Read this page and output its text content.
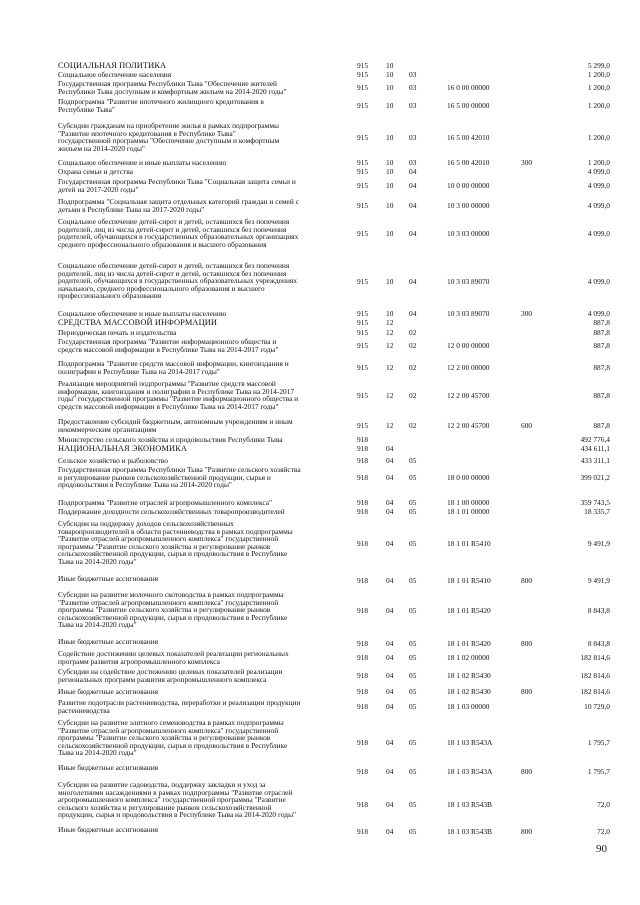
СОЦИАЛЬНАЯ ПОЛИТИКА	915 10	5 299,0
Социальное обеспечение населения	915 10 03	1 200,0
Государственная программа Республики Тыва "Обеспечение жителей
Республики Тыва доступным и комфортным жильем на 2014-2020 годы"	915 10 03	16 0 00 00000	1 200,0
Подпрограмма "Развитие ипотечного жилищного кредитования в
Республике Тыва"	915 10 03	16 5 00 00000	1 200,0
Субсидии гражданам на приобретение жилья в рамках подпрограммы
"Развитие ипотечного кредитования в Республике Тыва"
государственной программы "Обеспечение доступным и комфортным
жильем на 2014-2020 годы"
915 10 03	16 5 00 42010	1 200,0
Социальное обеспечение и иные выплаты населению	915 10 03	16 5 00 42010	300	1 200,0
Охрана семьи и детства	915 10 04	4 099,0
Государственная программа Республики Тыва "Социальная защита семьи и
детей на 2017-2020 годы"	915 10 04	10 0 00 00000	4 099,0
Подпрограмма "Социальная защита отдельных категорий граждан и семей с
детьми в Республике Тыва на 2017-2020 годы"	915 10 04	10 3 00 00000	4 099,0
Социальное обеспечение детей-сирот и детей, оставшихся без попечения
родителей, лиц из числа детей-сирот и детей, оставшихся без попечения
родителей, обучающихся в государственных образовательных организациях
среднего профессионального образования и высшего образования
915 10 04	10 3 03 00000	4 099,0
Социальное обеспечение детей-сирот и детей, оставшихся без попечения
родителей, лиц из числа детей-сирот и детей, оставшихся без попечения
родителей, обучающихся в государственных образовательных учреждениях
начального, среднего профессионального образования и высшего
профессионального образования
915 10 04	10 3 03 89070	4 099,0
Социальное обеспечение и иные выплаты населению	915 10 04	10 3 03 89070	300	4 099,0
СРЕДСТВА МАССОВОЙ ИНФОРМАЦИИ	915 12	887,8
Периодическая печать и издательства	915 12 02	887,8
Государственная программа "Развитие информационного общества и
средств массовой информации в Республике Тыва на 2014-2017 годы"	915 12 02	12 0 00 00000	887,8
Подпрограмма "Развитие средств массовой информации, книгоиздания и
полиграфии в Республике Тыва на 2014-2017 годы"	915 12 02	12 2 00 00000	887,8
Реализация мероприятий подпрограммы "Развитие средств массовой
информации, книгоиздания и полиграфии в Республике Тыва на 2014-2017
годы" государственной программы "Развитие информационного общества и
средств массовой информации в Республике Тыва на 2014-2017 годы"
915 12 02	12 2 00 45700	887,8
Предоставление субсидий бюджетным, автономным учреждениям и иным
некоммерческим организациям	915 12 02	12 2 00 45700	600	887,8
Министерство сельского хозяйства и продовольствия Республики Тыва	918	492 776,4
НАЦИОНАЛЬНАЯ ЭКОНОМИКА	918 04	434 611,1
Сельское хозяйство и рыболовство	918 04 05	433 311,1
Государственная программа Республики Тыва "Развитие сельского хозяйства
и регулирование рынков сельскохозяйственной продукции, сырья и
продовольствия в Республике Тыва на 2014-2020 годы"
918 04 05	18 0 00 00000	399 021,2
Подпрограмма "Развитие отраслей агропромышленного комплекса"	918 04 05	18 1 00 00000	359 743,5
Поддержание доходности сельскохозяйственных товаропроизводителей	918 04 05	18 1 01 00000	18 335,7
Субсидии на поддержку доходов сельскохозяйственных
товаропроизводителей в области растениеводства в рамках подпрограммы
"Развитие отраслей агропромышленного комплекса" государственной
программы "Развитие сельского хозяйства и регулирование рынков
сельскохозяйственной продукции, сырья и продовольствия в Республике
Тыва на 2014-2020 годы"
918 04 05	18 1 01 R5410	9 491,9
Иные бюджетные ассигнования	918 04 05	18 1 01 R5410	800	9 491,9
Субсидии на развитие молочного скотоводства в рамках подпрограммы
"Развитие отраслей агропромышленного комплекса" государственной
программы "Развитие сельского хозяйства и регулирование рынков
сельскохозяйственной продукции, сырья и продовольствия в Республике
Тыва на 2014-2020 годы"
918 04 05	18 1 01 R5420	8 843,8
Иные бюджетные ассигнования	918 04 05	18 1 01 R5420	800	8 843,8
Содействие достижению целевых показателей реализации региональных
программ развития агропромышленного комплекса	918 04 05	18 1 02 00000	182 814,6
Субсидии на содействие достижению целевых показателей реализации
региональных программ развития агропромышленного комплекса	918 04 05	18 1 02 R5430	182 814,6
Иные бюджетные ассигнования	918 04 05	18 1 02 R5430	800	182 814,6
Развитие подотрасли растениеводства, переработки и реализации продукции
растениеводства	918 04 05	18 1 03 00000	10 729,0
Субсидии на развитие элитного семеноводства в рамках подпрограммы
"Развитие отраслей агропромышленного комплекса" государственной
программы "Развитие сельского хозяйства и регулирование рынков
сельскохозяйственной продукции, сырья и продовольствия в Республике
Тыва на 2014-2020 годы"
918 04 05	18 1 03 R543A	1 795,7
Иные бюджетные ассигнования	918 04 05	18 1 03 R543A	800	1 795,7
Субсидии на развитие садоводства, поддержку закладки и уход за
многолетними насаждениями в рамках подпрограммы "Развитие отраслей
агропромышленного комплекса" государственной программы "Развитие
сельского хозяйства и регулирование рынков сельскохозяйственной
продукции, сырья и продовольствия в Республике Тыва на 2014-2020 годы"
918 04 05	18 1 03 R543B	72,0
Иные бюджетные ассигнования	918 04 05	18 1 03 R543B	800	72,0
90
